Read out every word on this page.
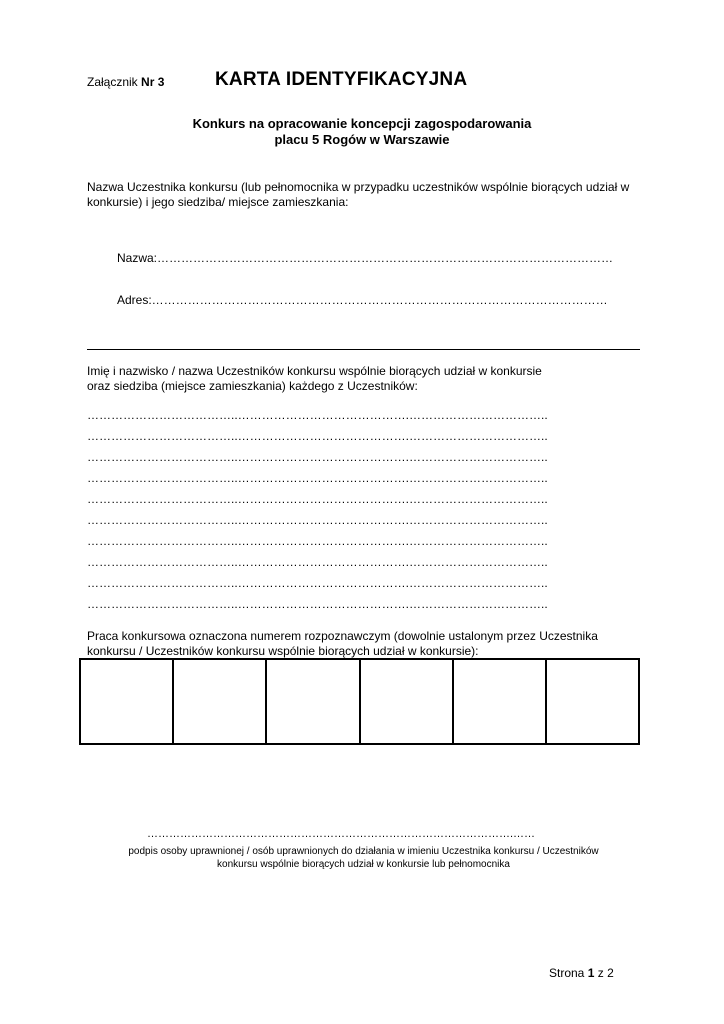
Załącznik Nr 3	KARTA IDENTYFIKACYJNA
Konkurs na opracowanie koncepcji zagospodarowania
placu 5 Rogów w Warszawie
Nazwa Uczestnika konkursu (lub pełnomocnika w przypadku uczestników wspólnie biorących udział w konkursie) i jego siedziba/ miejsce zamieszkania:
Nazwa:……………………………………………………………………………………………………
Adres:……………………………………………………………………………………………………
Imię i nazwisko / nazwa Uczestników konkursu wspólnie biorących udział w konkursie
oraz siedziba (miejsce zamieszkania) każdego z Uczestników:
………………………………..…………………………………….……………………………..
………………………………..…………………………………….……………………………..
………………………………..…………………………………….……………………………..
………………………………..…………………………………….……………………………..
………………………………..…………………………………….……………………………..
………………………………..…………………………………….……………………………..
………………………………..…………………………………….……………………………..
………………………………..…………………………………….……………………………..
………………………………..…………………………………….……………………………..
………………………………..…………………………………….……………………………..
Praca konkursowa oznaczona numerem rozpoznawczym (dowolnie ustalonym przez Uczestnika konkursu / Uczestników konkursu wspólnie biorących udział w konkursie):
……………………………………………………………………………………….……
podpis osoby uprawnionej / osób uprawnionych do działania w imieniu Uczestnika konkursu / Uczestników
konkursu wspólnie biorących udział w konkursie lub pełnomocnika
Strona 1 z 2
